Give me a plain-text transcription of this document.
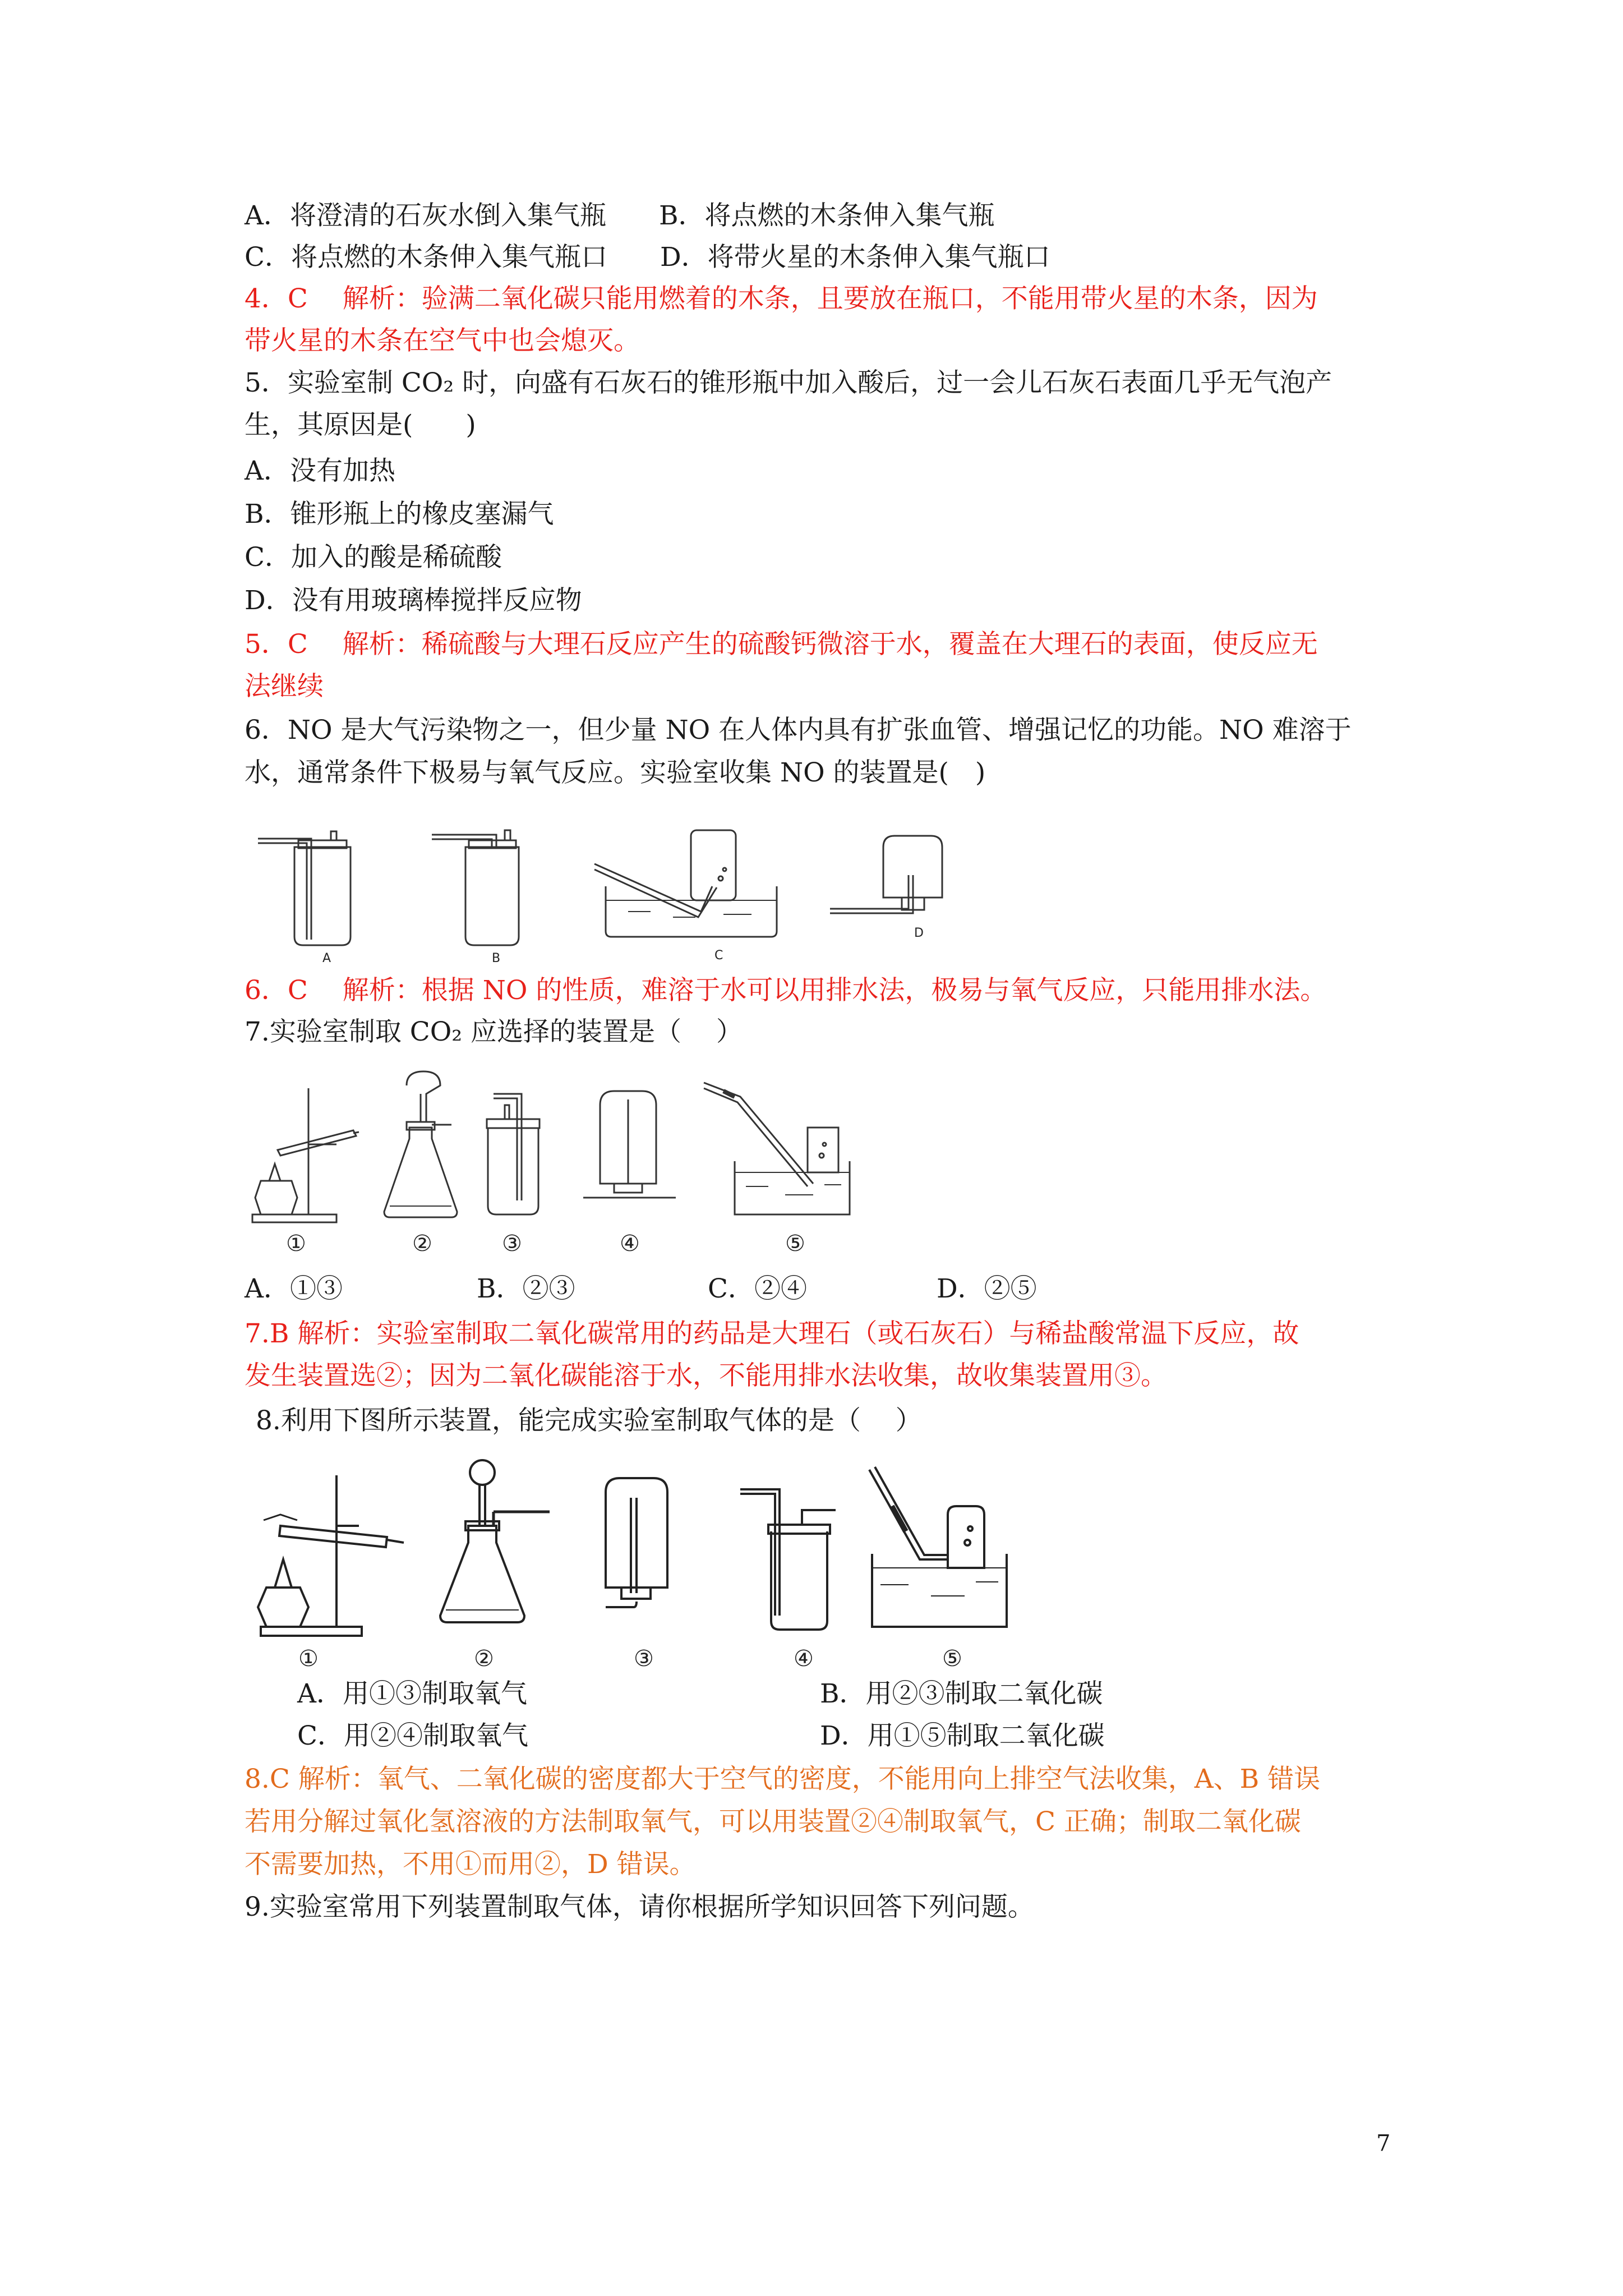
A．将澄清的石灰水倒入集气瓶　　B．将点燃的木条伸入集气瓶
C．将点燃的木条伸入集气瓶口　　D．将带火星的木条伸入集气瓶口
4．C　 解析：验满二氧化碳只能用燃着的木条，且要放在瓶口，不能用带火星的木条，因为
带火星的木条在空气中也会熄灭。
5．实验室制 CO₂ 时，向盛有石灰石的锥形瓶中加入酸后，过一会儿石灰石表面几乎无气泡产
生，其原因是(　　)
A．没有加热
B．锥形瓶上的橡皮塞漏气
C．加入的酸是稀硫酸
D．没有用玻璃棒搅拌反应物
5．C　 解析：稀硫酸与大理石反应产生的硫酸钙微溶于水，覆盖在大理石的表面，使反应无
法继续
6．NO 是大气污染物之一，但少量 NO 在人体内具有扩张血管、增强记忆的功能。NO 难溶于
水，通常条件下极易与氧气反应。实验室收集 NO 的装置是(　)
A	B	C
D
6．C　 解析：根据 NO 的性质，难溶于水可以用排水法，极易与氧气反应，只能用排水法。
7.实验室制取 CO₂ 应选择的装置是（　 ）
①	②	③	④	⑤
A．①③	B．②③	C．②④	D．②⑤
7.B 解析：实验室制取二氧化碳常用的药品是大理石（或石灰石）与稀盐酸常温下反应，故
发生装置选②；因为二氧化碳能溶于水，不能用排水法收集，故收集装置用③。
8.利用下图所示装置，能完成实验室制取气体的是（　 ）
①	②	③	④	⑤
A．用①③制取氧气	B．用②③制取二氧化碳
C．用②④制取氧气	D．用①⑤制取二氧化碳
8.C 解析：氧气、二氧化碳的密度都大于空气的密度，不能用向上排空气法收集，A、B 错误
若用分解过氧化氢溶液的方法制取氧气，可以用装置②④制取氧气，C 正确；制取二氧化碳
不需要加热，不用①而用②，D 错误。
9.实验室常用下列装置制取气体，请你根据所学知识回答下列问题。
7
